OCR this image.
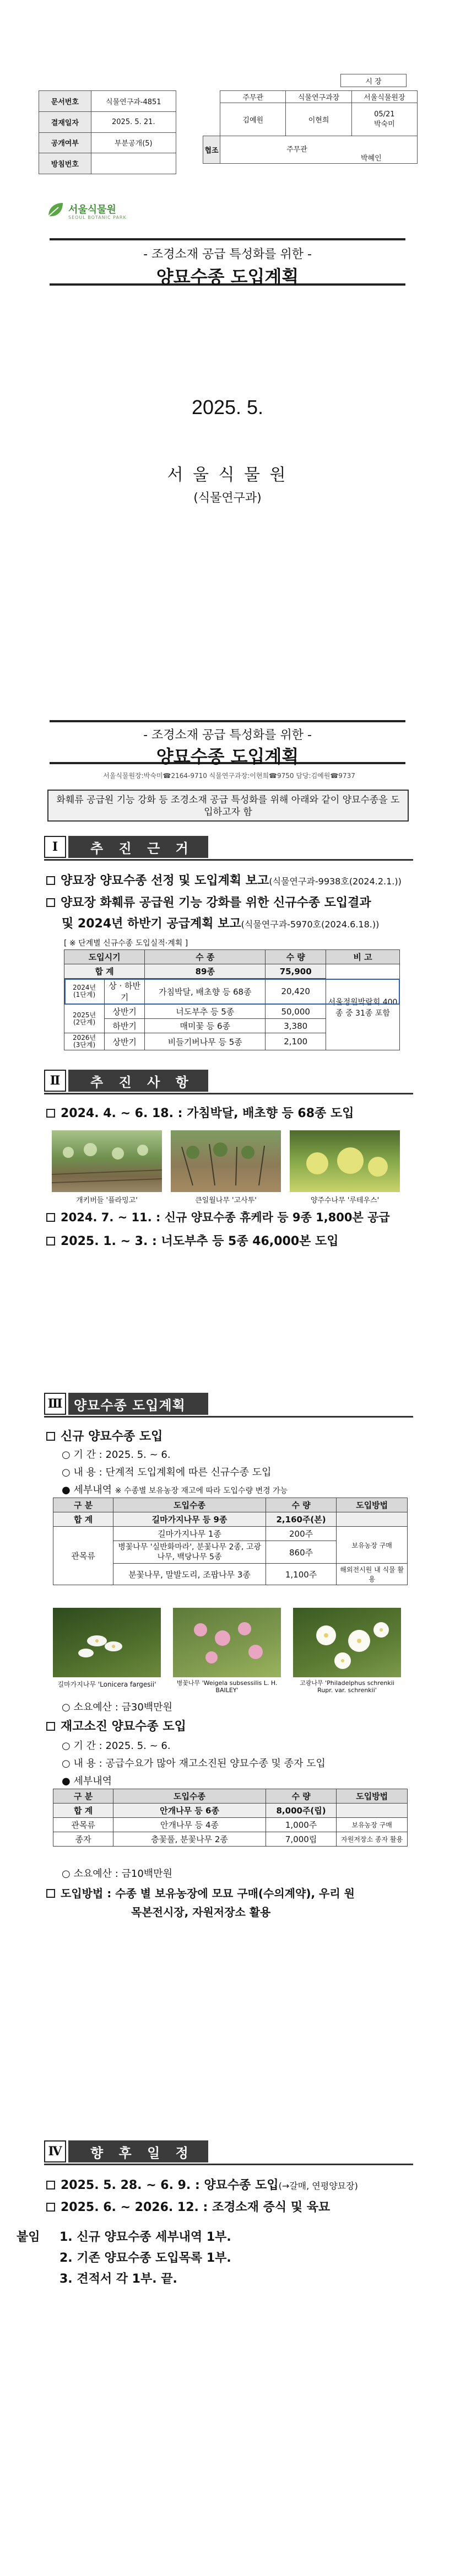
문서번호	식물연구과-4851
결재일자	2025. 5. 21.
공개여부	부분공개(5)
방침번호	
시 장
	주무관	식물연구과장	서울식물원장
	김예원	이현희	05/21
박숙미

협조	주무관		
박혜인
서울식물원
SEOUL BOTANIC PARK
- 조경소재 공급 특성화를 위한 -
양묘수종 도입계획
2025. 5.
서 울 식 물 원
(식물연구과)
- 조경소재 공급 특성화를 위한 -
양묘수종 도입계획
서울식물원장:박숙미☎2164-9710 식물연구과장:이현희☎9750 담당:김예원☎9737
화훼류 공급원 기능 강화 등 조경소재 공급 특성화를 위해 아래와 같이 양묘수종을 도입하고자 함
Ⅰ	추 진 근 거
양묘장 양묘수종 선정 및 도입계획 보고(식물연구과-9938호(2024.2.1.))
양묘장 화훼류 공급원 기능 강화를 위한 신규수종 도입결과
및 2024년 하반기 공급계획 보고(식물연구과-5970호(2024.6.18.))
[ ※ 단계별 신규수종 도입실적·계획 ]
도입시기		수 종	수 량	비 고
합 계		89종	75,900	서울정원박람회 400종 중 31종 포함

2024년
(1단계)	상 · 하반기	가침박달, 배초향 등 68종	20,420	

2025년
(2단계)	상반기	너도부추 등 5종	50,000	
	하반기	매미꽃 등 6종	3,380	

2026년
(3단계)	상반기	비들기버나무 등 5종	2,100	
Ⅱ	추 진 사 항
2024. 4. ~ 6. 18. : 가침박달, 배초향 등 68종 도입
개키버들 '플라밍고'	큰일월나무 '고사투'	양주수나무 '루테우스'
2024. 7. ~ 11. : 신규 양묘수종 휴케라 등 9종 1,800본 공급
2025. 1. ~ 3. : 너도부추 등 5종 46,000본 도입
Ⅲ 양묘수종 도입계획
신규 양묘수종 도입
○ 기 간 : 2025. 5. ~ 6.
○ 내 용 : 단계적 도입계획에 따른 신규수종 도입
● 세부내역 ※ 수종별 보유농장 재고에 따라 도입수량 변경 가능
구 분	도입수종	수 량	도입방법
합 계	길마가지나무 등 9종	2,160주(본)	
관목류	길마가지나무 1종	200주	보유농장 구매
	병꽃나무 '실반화마라', 분꽃나무 2종, 고광나무, 백당나무 5종	860주	
	분꽃나무, 말발도리, 조팝나무 3종	1,100주	해외전시원 내 식물 활용
길마가지나무 'Lonicera fargesii'	병꽃나무 'Weigela subsessilis L. H. BAILEY'
고광나무 'Philadelphus schrenkii Rupr. var. schrenkii'
○ 소요예산 : 금30백만원
재고소진 양묘수종 도입
○ 기 간 : 2025. 5. ~ 6.
○ 내 용 : 공급수요가 많아 재고소진된 양묘수종 및 종자 도입
● 세부내역
구 분	도입수종	수 량	도입방법
합 계	안개나무 등 6종	8,000주(립)	
관목류	안개나무 등 4종	1,000주	보유농장 구매
종자	층꽃풀, 분꽃나무 2종	7,000립	자원저장소 종자 활용
○ 소요예산 : 금10백만원
도입방법 : 수종 별 보유농장에 모묘 구매(수의계약), 우리 원
목본전시장, 자원저장소 활용
Ⅳ	향 후 일 정
2025. 5. 28. ~ 6. 9. : 양묘수종 도입(→갈매, 연평양묘장)
2025. 6. ~ 2026. 12. : 조경소재 증식 및 육묘
붙임 1. 신규 양묘수종 세부내역 1부.
2. 기존 양묘수종 도입목록 1부.
3. 견적서 각 1부. 끝.
